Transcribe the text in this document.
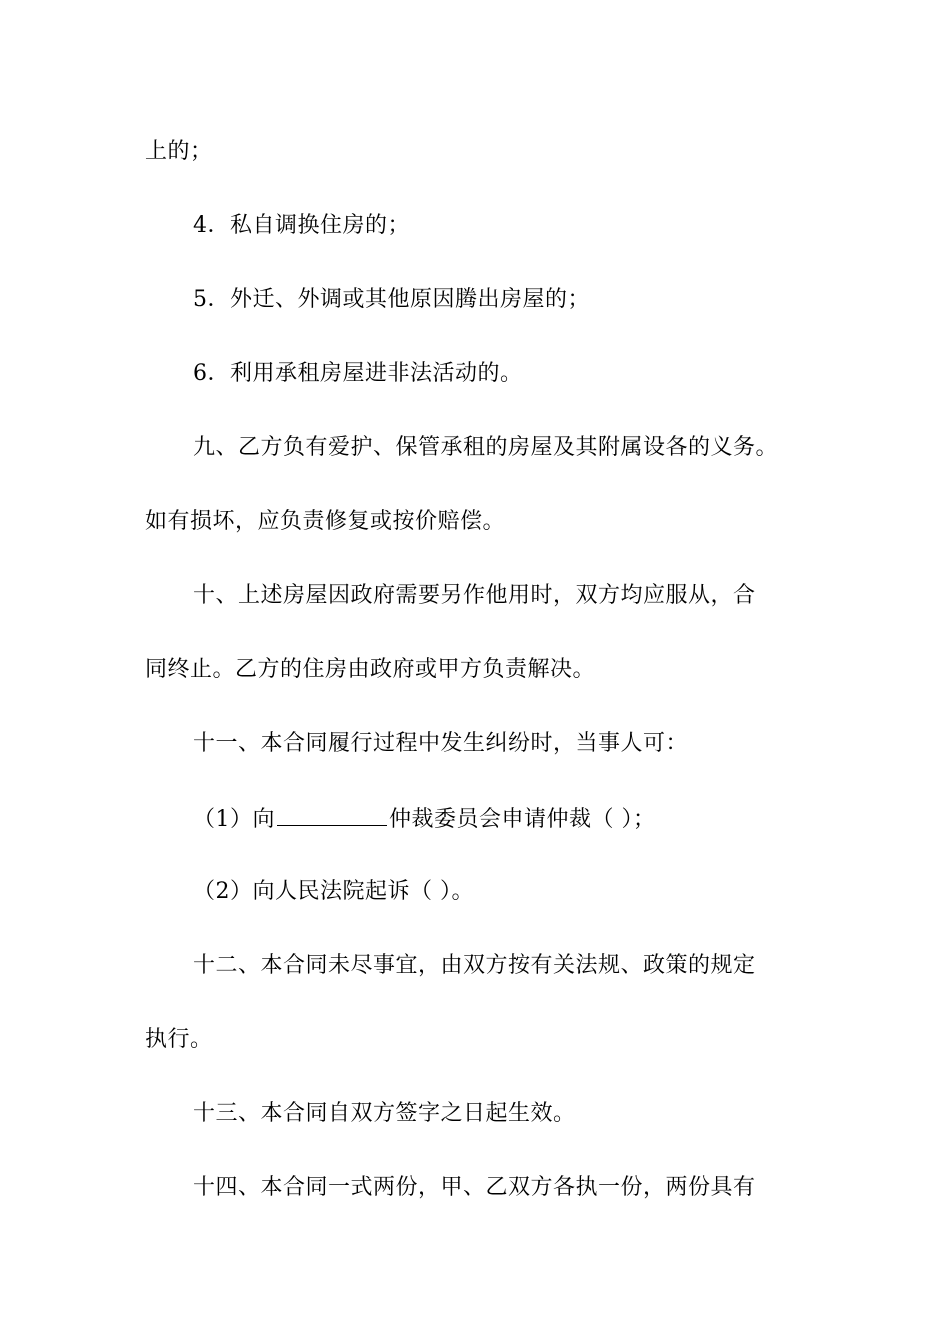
上的；
4．私自调换住房的；
5．外迁、外调或其他原因腾出房屋的；
6．利用承租房屋进非法活动的。
九、乙方负有爱护、保管承租的房屋及其附属设各的义务。
如有损坏，应负责修复或按价赔偿。
十、上述房屋因政府需要另作他用时，双方均应服从，合
同终止。乙方的住房由政府或甲方负责解决。
十一、本合同履行过程中发生纠纷时，当事人可：
（1）向	仲裁委员会申请仲裁（ ）；
（2）向人民法院起诉（ ）。
十二、本合同未尽事宜，由双方按有关法规、政策的规定
执行。
十三、本合同自双方签字之日起生效。
十四、本合同一式两份，甲、乙双方各执一份，两份具有
